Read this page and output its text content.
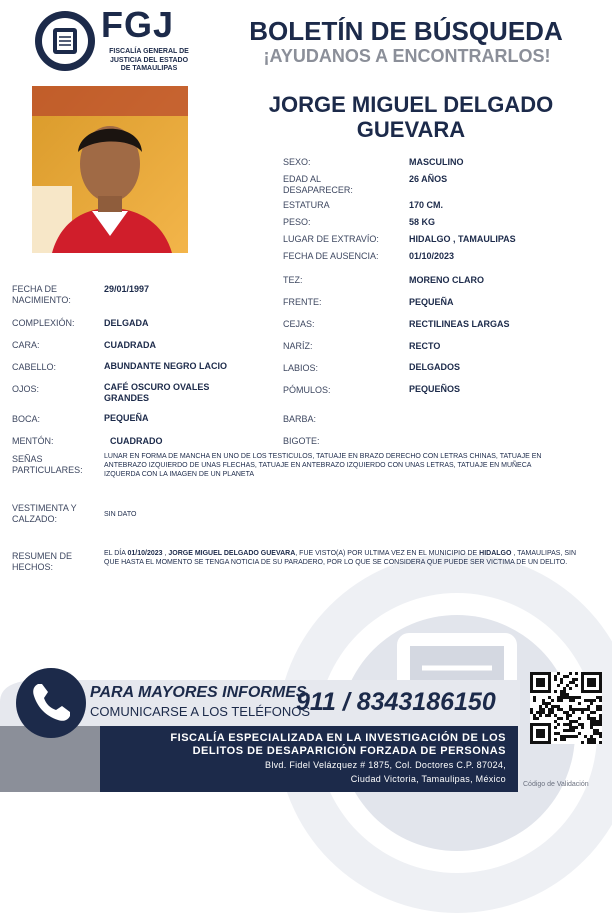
FGJ
FISCALÍA GENERAL DE
JUSTICIA DEL ESTADO
DE TAMAULIPAS
BOLETÍN DE BÚSQUEDA
¡AYUDANOS A ENCONTRARLOS!
JORGE MIGUEL DELGADO
GUEVARA
SEXO:	MASCULINO
EDAD AL DESAPARECER:
26 AÑOS
ESTATURA	170 CM.
PESO:	58 KG
LUGAR DE EXTRAVÍO:	HIDALGO , TAMAULIPAS
FECHA DE AUSENCIA:	01/10/2023
TEZ:	MORENO CLARO
FRENTE:	PEQUEÑA
CEJAS:	RECTILINEAS LARGAS
NARÍZ:	RECTO
LABIOS:	DELGADOS
PÓMULOS:	PEQUEÑOS
BARBA:
BIGOTE:
FECHA DE NACIMIENTO:
29/01/1997
COMPLEXIÓN:	DELGADA
CARA:	CUADRADA
CABELLO:	ABUNDANTE NEGRO LACIO
OJOS:	CAFÉ OSCURO OVALES GRANDES
BOCA:	PEQUEÑA
MENTÓN:	CUADRADO
SEÑAS PARTICULARES:
LUNAR EN FORMA DE MANCHA EN UNO DE LOS TESTICULOS, TATUAJE EN BRAZO DERECHO CON LETRAS CHINAS, TATUAJE EN ANTEBRAZO IZQUIERDO DE UNAS FLECHAS, TATUAJE EN ANTEBRAZO IZQUIERDO CON UNAS LETRAS, TATUAJE EN MUÑECA IZQUERDA CON LA IMAGEN DE UN PLANETA
VESTIMENTA Y CALZADO:	SIN DATO
RESUMEN DE HECHOS:
EL DÍA 01/10/2023 , JORGE MIGUEL DELGADO GUEVARA, FUE VISTO(A) POR ULTIMA VEZ EN EL MUNICIPIO DE HIDALGO , TAMAULIPAS, SIN QUE HASTA EL MOMENTO SE TENGA NOTICIA DE SU PARADERO, POR LO QUE SE CONSIDERA QUE PUEDE SER VICTIMA DE UN DELITO.
PARA MAYORES INFORMES,
COMUNICARSE A LOS TELÉFONOS
911 / 8343186150
FISCALÍA ESPECIALIZADA EN LA INVESTIGACIÓN DE LOS
DELITOS DE DESAPARICIÓN FORZADA DE PERSONAS
Blvd. Fidel Velázquez # 1875, Col. Doctores C.P. 87024,
Ciudad Victoria, Tamaulipas, México
Código de Validación
